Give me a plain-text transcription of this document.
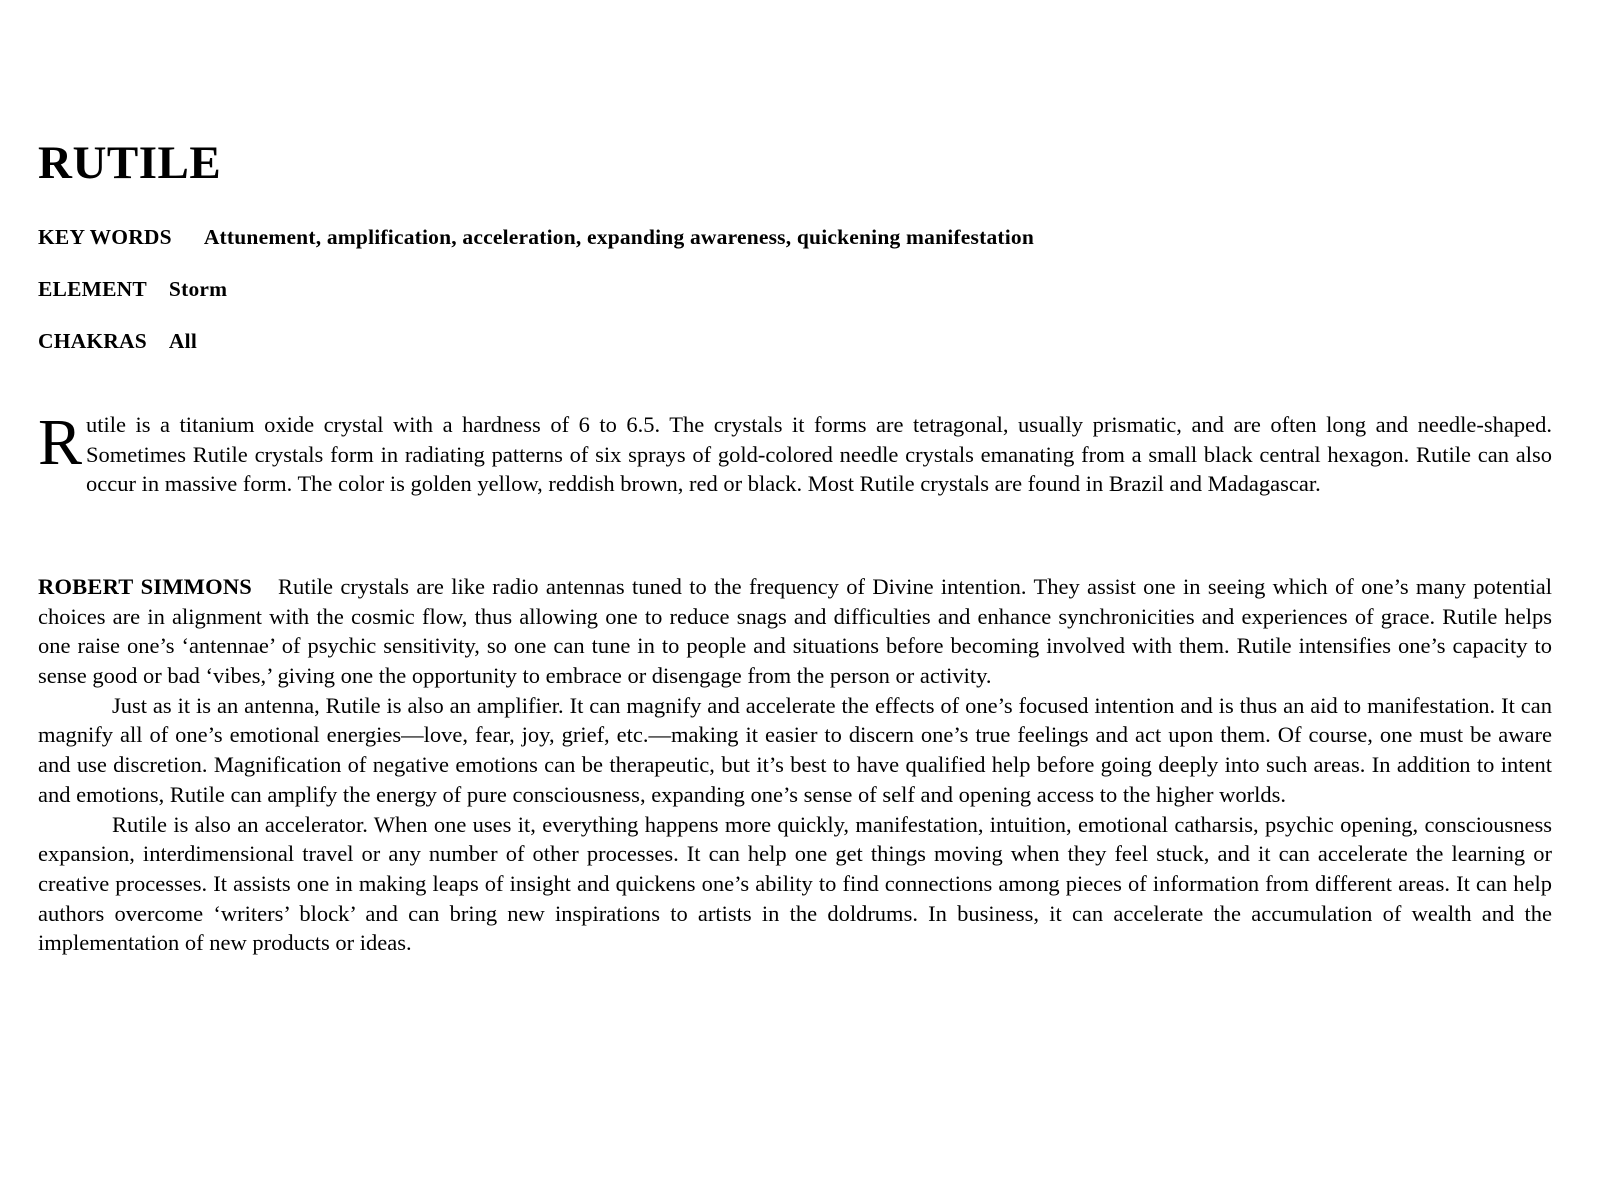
RUTILE
KEY WORDS Attunement, amplification, acceleration, expanding awareness, quickening manifestation
ELEMENT Storm
CHAKRAS All

Rutile is a titanium oxide crystal with a hardness of 6 to 6.5. The crystals it forms are tetragonal, usually prismatic, and are often long and needle-shaped. Sometimes Rutile crystals form in radiating patterns of six sprays of gold-colored needle crystals emanating from a small black central hexagon. Rutile can also occur in massive form. The color is golden yellow, reddish brown, red or black. Most Rutile crystals are found in Brazil and Madagascar.

ROBERT SIMMONS Rutile crystals are like radio antennas tuned to the frequency of Divine intention. They assist one in seeing which of one’s many potential choices are in alignment with the cosmic flow, thus allowing one to reduce snags and difficulties and enhance synchronicities and experiences of grace. Rutile helps one raise one’s ‘antennae’ of psychic sensitivity, so one can tune in to people and situations before becoming involved with them. Rutile intensifies one’s capacity to sense good or bad ‘vibes,’ giving one the opportunity to embrace or disengage from the person or activity.

Just as it is an antenna, Rutile is also an amplifier. It can magnify and accelerate the effects of one’s focused intention and is thus an aid to manifestation. It can magnify all of one’s emotional energies—love, fear, joy, grief, etc.—making it easier to discern one’s true feelings and act upon them. Of course, one must be aware and use discretion. Magnification of negative emotions can be therapeutic, but it’s best to have qualified help before going deeply into such areas. In addition to intent and emotions, Rutile can amplify the energy of pure consciousness, expanding one’s sense of self and opening access to the higher worlds.

Rutile is also an accelerator. When one uses it, everything happens more quickly, manifestation, intuition, emotional catharsis, psychic opening, consciousness expansion, interdimensional travel or any number of other processes. It can help one get things moving when they feel stuck, and it can accelerate the learning or creative processes. It assists one in making leaps of insight and quickens one’s ability to find connections among pieces of information from different areas. It can help authors overcome ‘writers’ block’ and can bring new inspirations to artists in the doldrums. In business, it can accelerate the accumulation of wealth and the implementation of new products or ideas.
